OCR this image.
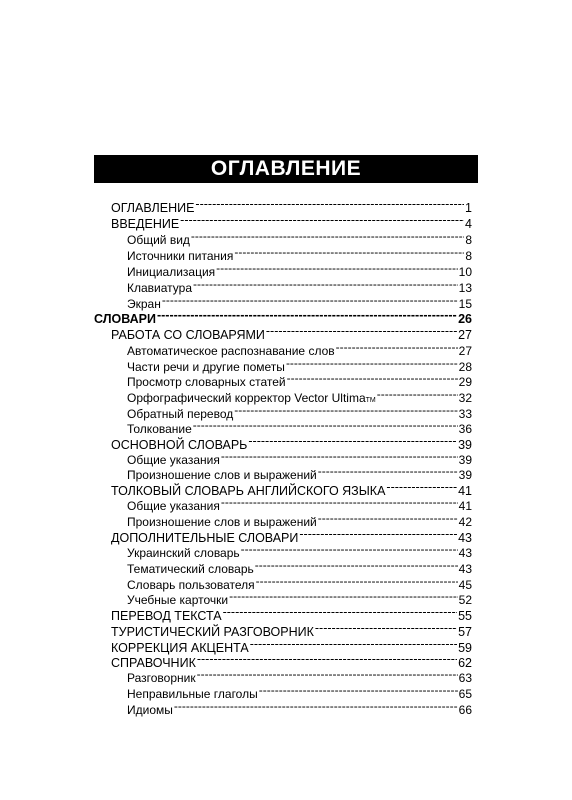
ОГЛАВЛЕНИЕ
ОГЛАВЛЕНИЕ -----	1
ВВЕДЕНИЕ -----	4
Общий вид -----	8
Источники питания -----	8
Инициализация -----	10
Клавиатура -----	13
Экран -----	15
СЛОВАРИ -----	26
РАБОТА СО СЛОВАРЯМИ -----	27
Автоматическое распознавание слов -----	27
Части речи и другие пометы -----	28
Просмотр словарных статей -----	29
Орфографический корректор Vector Ultima TM -----	32
Обратный перевод -----	33
Толкование -----	36
ОСНОВНОЙ СЛОВАРЬ -----	39
Общие указания -----	39
Произношение слов и выражений -----	39
ТОЛКОВЫЙ СЛОВАРЬ АНГЛИЙСКОГО ЯЗЫКА -----	41
Общие указания -----	41
Произношение слов и выражений -----	42
ДОПОЛНИТЕЛЬНЫЕ СЛОВАРИ -----	43
Украинский словарь -----	43
Тематический словарь -----	43
Словарь пользователя -----	45
Учебные карточки -----	52
ПЕРЕВОД ТЕКСТА -----	55
ТУРИСТИЧЕСКИЙ РАЗГОВОРНИК -----	57
КОРРЕКЦИЯ АКЦЕНТА -----	59
СПРАВОЧНИК -----	62
Разговорник -----	63
Неправильные глаголы -----	65
Идиомы -----	66
